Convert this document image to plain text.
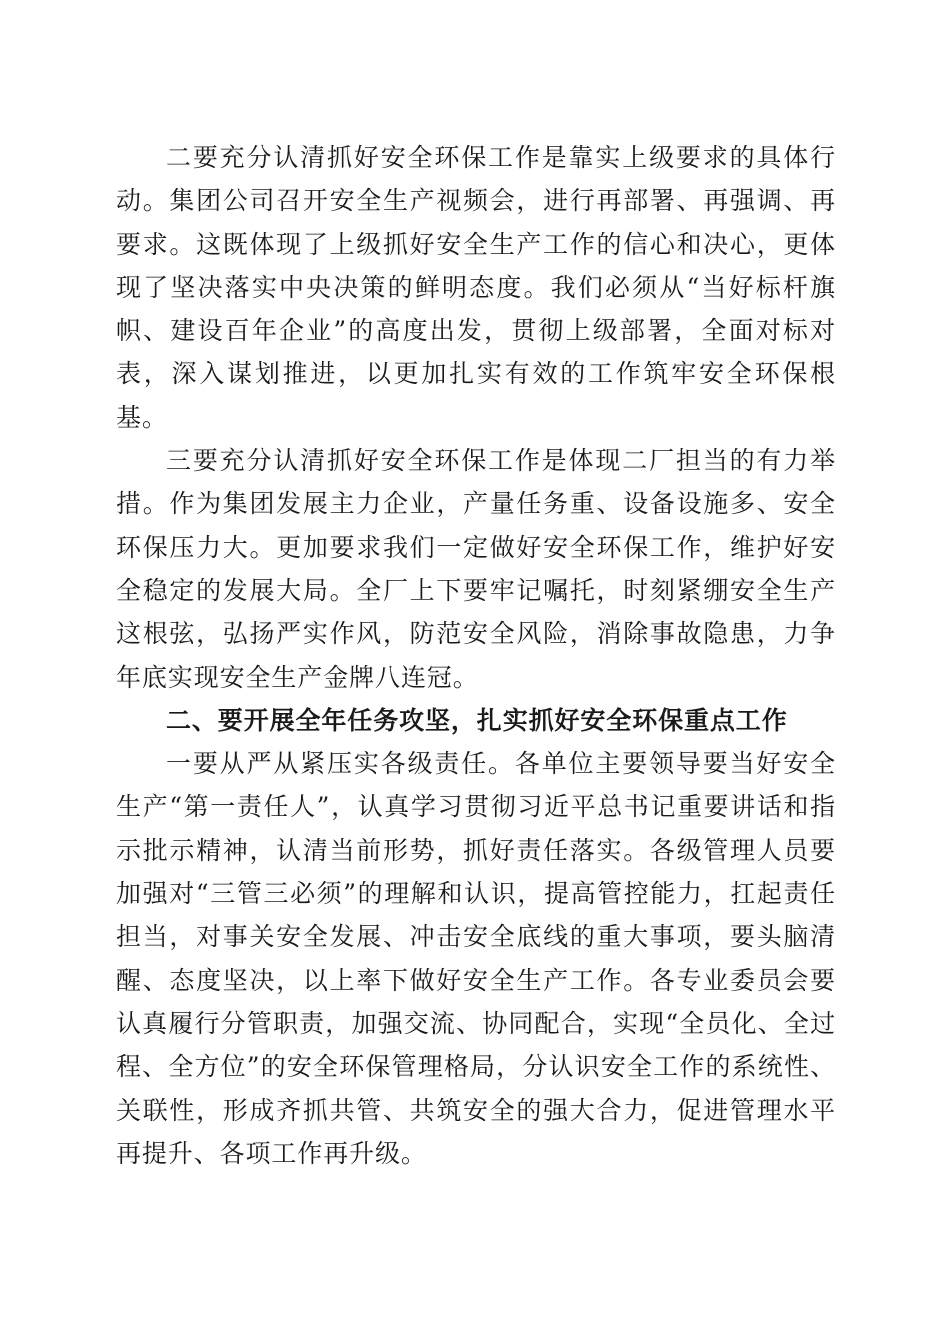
二要充分认清抓好安全环保工作是靠实上级要求的具体行动。集团公司召开安全生产视频会，进行再部署、再强调、再要求。这既体现了上级抓好安全生产工作的信心和决心，更体现了坚决落实中央决策的鲜明态度。我们必须从“当好标杆旗帜、建设百年企业”的高度出发，贯彻上级部署，全面对标对表，深入谋划推进，以更加扎实有效的工作筑牢安全环保根基。

三要充分认清抓好安全环保工作是体现二厂担当的有力举措。作为集团发展主力企业，产量任务重、设备设施多、安全环保压力大。更加要求我们一定做好安全环保工作，维护好安全稳定的发展大局。全厂上下要牢记嘱托，时刻紧绷安全生产这根弦，弘扬严实作风，防范安全风险，消除事故隐患，力争年底实现安全生产金牌八连冠。

二、要开展全年任务攻坚，扎实抓好安全环保重点工作

一要从严从紧压实各级责任。各单位主要领导要当好安全生产“第一责任人”，认真学习贯彻习近平总书记重要讲话和指示批示精神，认清当前形势，抓好责任落实。各级管理人员要加强对“三管三必须”的理解和认识，提高管控能力，扛起责任担当，对事关安全发展、冲击安全底线的重大事项，要头脑清醒、态度坚决，以上率下做好安全生产工作。各专业委员会要认真履行分管职责，加强交流、协同配合，实现“全员化、全过程、全方位”的安全环保管理格局，分认识安全工作的系统性、关联性，形成齐抓共管、共筑安全的强大合力，促进管理水平再提升、各项工作再升级。
